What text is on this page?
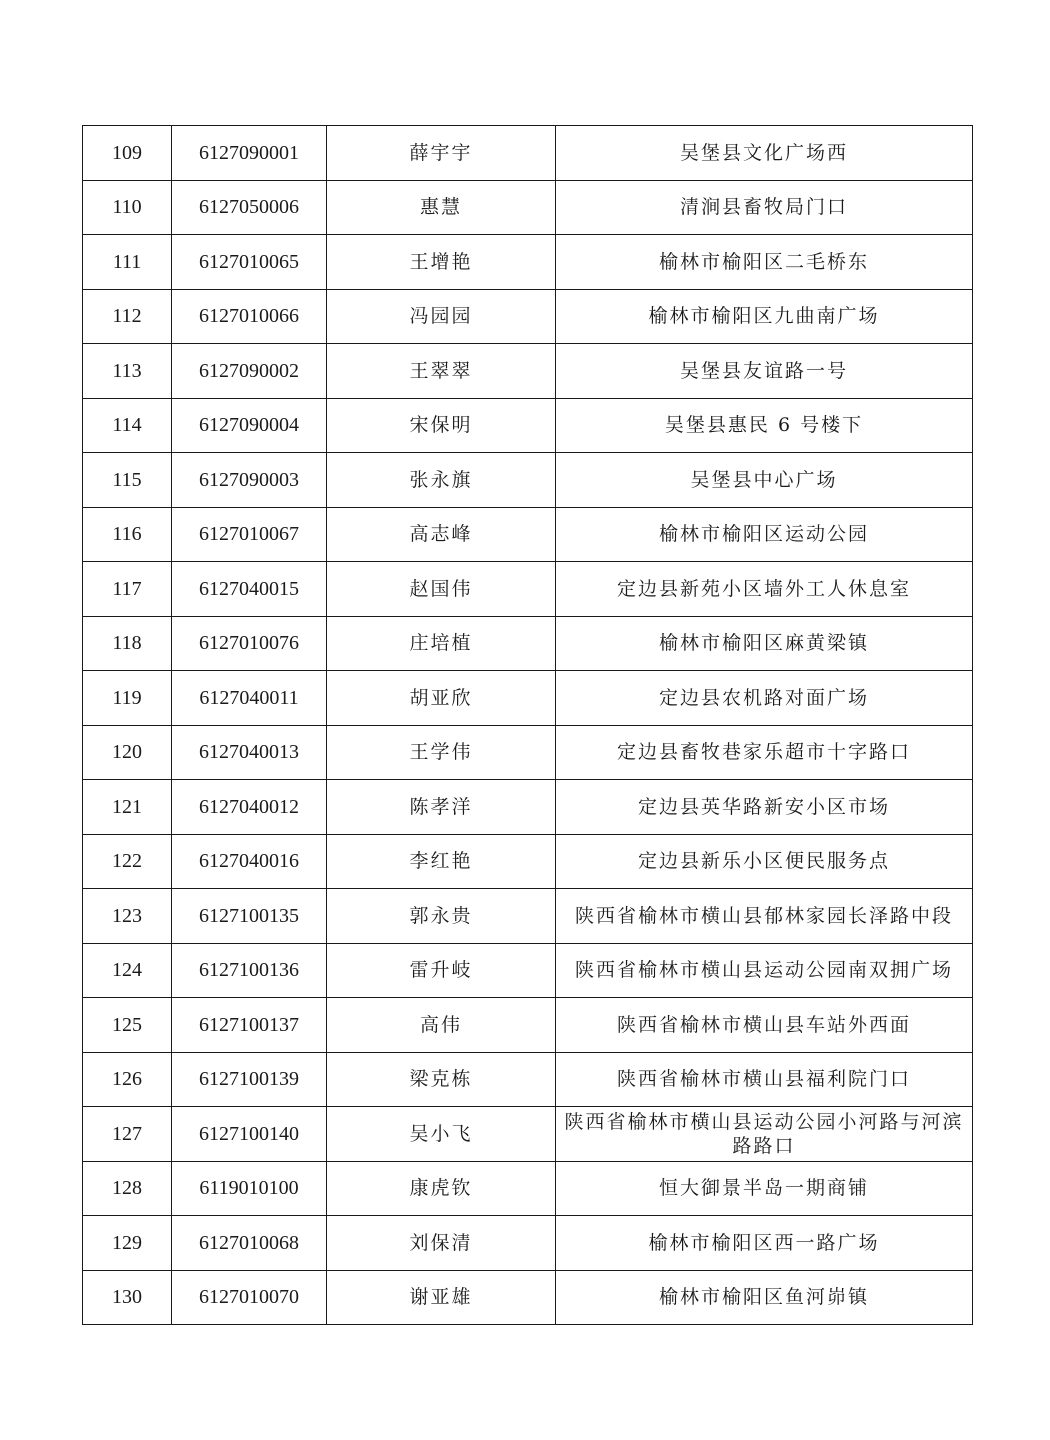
109	6127090001	薛宇宇	吴堡县文化广场西
110	6127050006	惠慧	清涧县畜牧局门口
111	6127010065	王增艳	榆林市榆阳区二毛桥东
112	6127010066	冯园园	榆林市榆阳区九曲南广场
113	6127090002	王翠翠	吴堡县友谊路一号
114	6127090004	宋保明	吴堡县惠民 6 号楼下
115	6127090003	张永旗	吴堡县中心广场
116	6127010067	高志峰	榆林市榆阳区运动公园
117	6127040015	赵国伟	定边县新苑小区墙外工人休息室
118	6127010076	庄培植	榆林市榆阳区麻黄梁镇
119	6127040011	胡亚欣	定边县农机路对面广场
120	6127040013	王学伟	定边县畜牧巷家乐超市十字路口
121	6127040012	陈孝洋	定边县英华路新安小区市场
122	6127040016	李红艳	定边县新乐小区便民服务点
123	6127100135	郭永贵	陕西省榆林市横山县郁林家园长泽路中段
124	6127100136	雷升岐	陕西省榆林市横山县运动公园南双拥广场
125	6127100137	高伟	陕西省榆林市横山县车站外西面
126	6127100139	梁克栋	陕西省榆林市横山县福利院门口
127	6127100140	吴小飞	陕西省榆林市横山县运动公园小河路与河滨路路口
128	6119010100	康虎钦	恒大御景半岛一期商铺
129	6127010068	刘保清	榆林市榆阳区西一路广场
130	6127010070	谢亚雄	榆林市榆阳区鱼河峁镇
